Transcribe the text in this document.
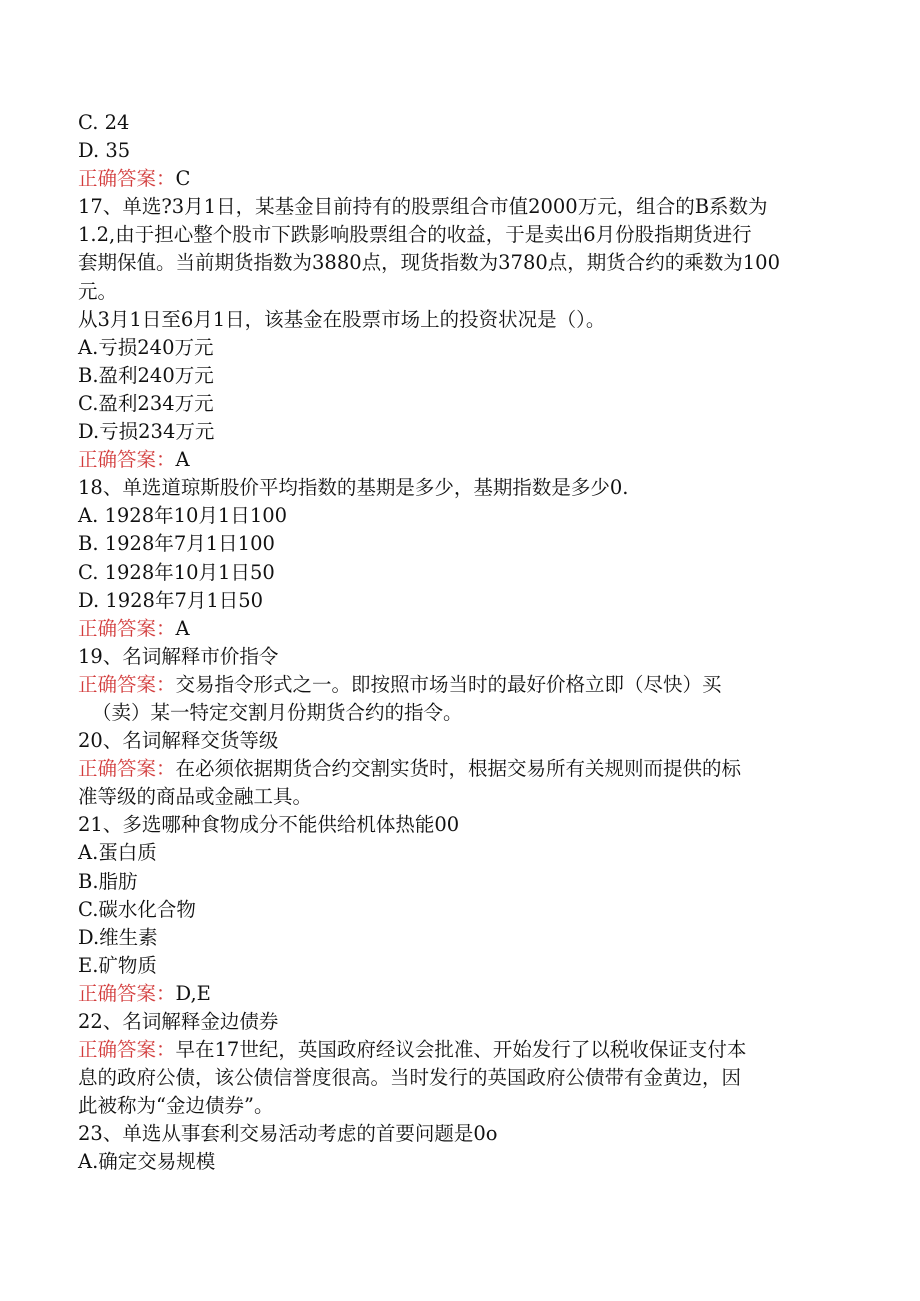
C. 24
D. 35
正确答案：C
17、单选?3月1日，某基金目前持有的股票组合市值2000万元，组合的B系数为
1.2,由于担心整个股市下跌影响股票组合的收益，于是卖出6月份股指期货进行
套期保值。当前期货指数为3880点，现货指数为3780点，期货合约的乘数为100
元。
从3月1日至6月1日，该基金在股票市场上的投资状况是（）。
A.亏损240万元
B.盈利240万元
C.盈利234万元
D.亏损234万元
正确答案：A
18、单选道琼斯股价平均指数的基期是多少，基期指数是多少0.
A. 1928年10月1日100
B. 1928年7月1日100
C. 1928年10月1日50
D. 1928年7月1日50
正确答案：A
19、名词解释市价指令
正确答案：交易指令形式之一。即按照市场当时的最好价格立即（尽快）买
（卖）某一特定交割月份期货合约的指令。
20、名词解释交货等级
正确答案：在必须依据期货合约交割实货时，根据交易所有关规则而提供的标
准等级的商品或金融工具。
21、多选哪种食物成分不能供给机体热能00
A.蛋白质
B.脂肪
C.碳水化合物
D.维生素
E.矿物质
正确答案：D,E
22、名词解释金边债券
正确答案：早在17世纪，英国政府经议会批准、开始发行了以税收保证支付本
息的政府公债，该公债信誉度很高。当时发行的英国政府公债带有金黄边，因
此被称为“金边债券”。
23、单选从事套利交易活动考虑的首要问题是0o
A.确定交易规模
